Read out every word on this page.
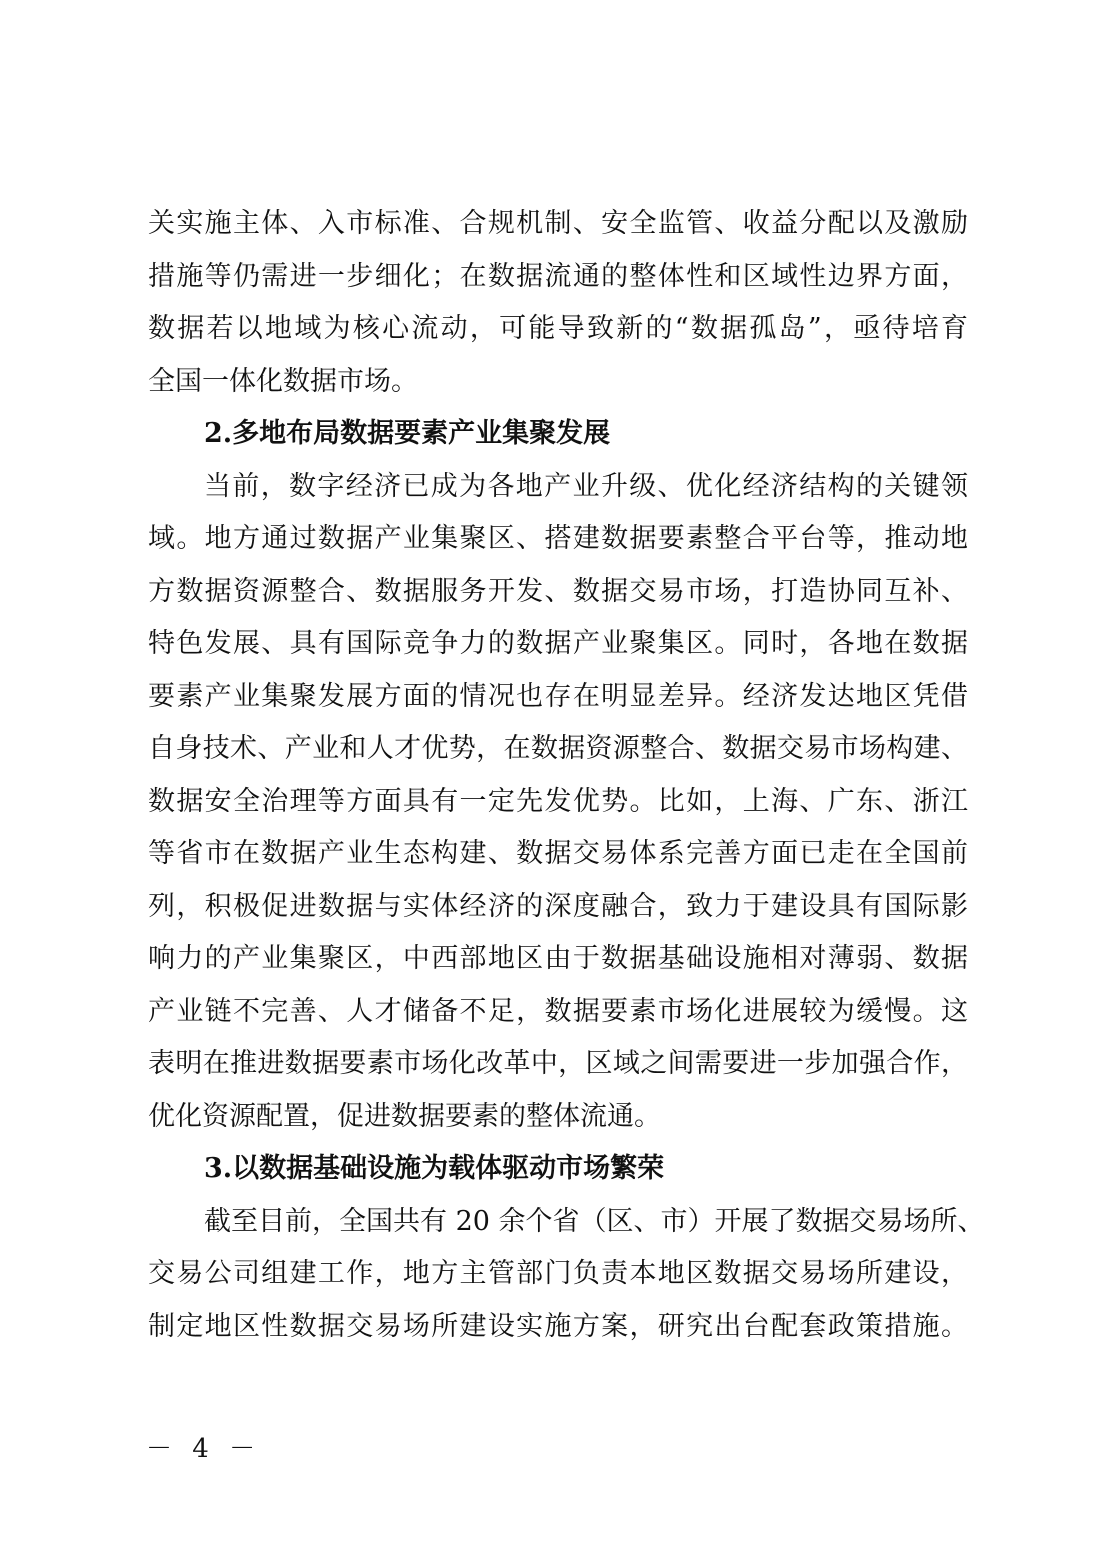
关实施主体、入市标准、合规机制、安全监管、收益分配以及激励
措施等仍需进一步细化；在数据流通的整体性和区域性边界方面，
数据若以地域为核心流动，可能导致新的“数据孤岛”，亟待培育
全国一体化数据市场。
2.多地布局数据要素产业集聚发展
当前，数字经济已成为各地产业升级、优化经济结构的关键领
域。地方通过数据产业集聚区、搭建数据要素整合平台等，推动地
方数据资源整合、数据服务开发、数据交易市场，打造协同互补、
特色发展、具有国际竞争力的数据产业聚集区。同时，各地在数据
要素产业集聚发展方面的情况也存在明显差异。经济发达地区凭借
自身技术、产业和人才优势，在数据资源整合、数据交易市场构建、
数据安全治理等方面具有一定先发优势。比如，上海、广东、浙江
等省市在数据产业生态构建、数据交易体系完善方面已走在全国前
列，积极促进数据与实体经济的深度融合，致力于建设具有国际影
响力的产业集聚区，中西部地区由于数据基础设施相对薄弱、数据
产业链不完善、人才储备不足，数据要素市场化进展较为缓慢。这
表明在推进数据要素市场化改革中，区域之间需要进一步加强合作，
优化资源配置，促进数据要素的整体流通。
3.以数据基础设施为载体驱动市场繁荣
截至目前，全国共有 20 余个省（区、市）开展了数据交易场所、
交易公司组建工作，地方主管部门负责本地区数据交易场所建设，
制定地区性数据交易场所建设实施方案，研究出台配套政策措施。
－ 4 －
